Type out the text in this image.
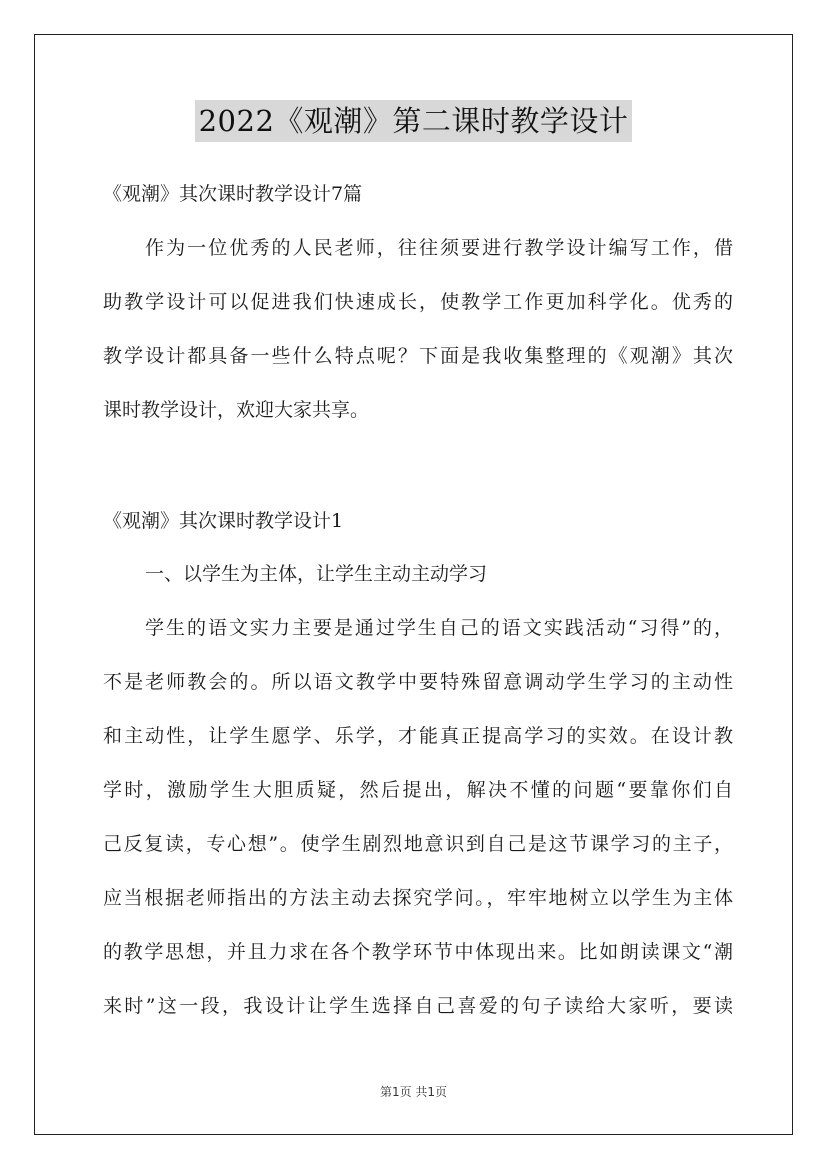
2022《观潮》第二课时教学设计
《观潮》其次课时教学设计7篇
作为一位优秀的人民老师，往往须要进行教学设计编写工作，借
助教学设计可以促进我们快速成长，使教学工作更加科学化。优秀的
教学设计都具备一些什么特点呢？下面是我收集整理的《观潮》其次
课时教学设计，欢迎大家共享。
《观潮》其次课时教学设计1
一、以学生为主体，让学生主动主动学习
学生的语文实力主要是通过学生自己的语文实践活动“习得”的，
不是老师教会的。所以语文教学中要特殊留意调动学生学习的主动性
和主动性，让学生愿学、乐学，才能真正提高学习的实效。在设计教
学时，激励学生大胆质疑，然后提出，解决不懂的问题“要靠你们自
己反复读，专心想”。使学生剧烈地意识到自己是这节课学习的主子，
应当根据老师指出的方法主动去探究学问。，牢牢地树立以学生为主体
的教学思想，并且力求在各个教学环节中体现出来。比如朗读课文“潮
来时”这一段，我设计让学生选择自己喜爱的句子读给大家听，要读
第1页 共1页
